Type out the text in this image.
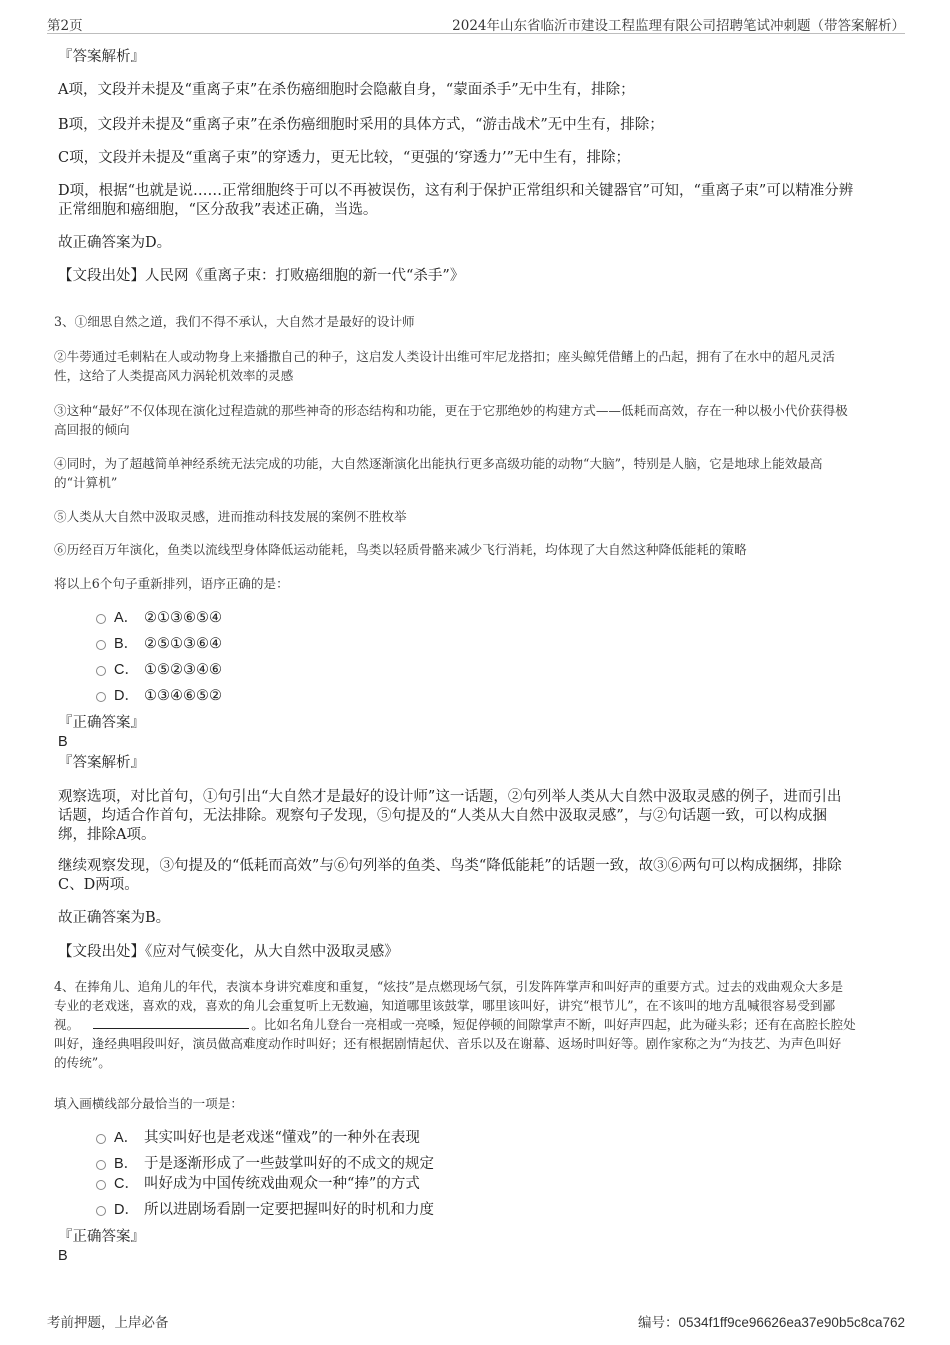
第2页	2024年山东省临沂市建设工程监理有限公司招聘笔试冲刺题（带答案解析）
『答案解析』
A项，文段并未提及“重离子束”在杀伤癌细胞时会隐蔽自身，“蒙面杀手”无中生有，排除；
B项，文段并未提及“重离子束”在杀伤癌细胞时采用的具体方式，“游击战术”无中生有，排除；
C项，文段并未提及“重离子束”的穿透力，更无比较，“更强的‘穿透力’”无中生有，排除；
D项，根据“也就是说……正常细胞终于可以不再被误伤，这有利于保护正常组织和关键器官”可知，“重离子束”可以精准分辨
正常细胞和癌细胞，“区分敌我”表述正确，当选。
故正确答案为D。
【文段出处】人民网《重离子束：打败癌细胞的新一代“杀手”》
3、①细思自然之道，我们不得不承认，大自然才是最好的设计师
②牛蒡通过毛刺粘在人或动物身上来播撒自己的种子，这启发人类设计出维可牢尼龙搭扣；座头鲸凭借鳍上的凸起，拥有了在水中的超凡灵活
性，这给了人类提高风力涡轮机效率的灵感
③这种“最好”不仅体现在演化过程造就的那些神奇的形态结构和功能，更在于它那绝妙的构建方式——低耗而高效，存在一种以极小代价获得极
高回报的倾向
④同时，为了超越简单神经系统无法完成的功能，大自然逐渐演化出能执行更多高级功能的动物“大脑”，特别是人脑，它是地球上能效最高
的“计算机”
⑤人类从大自然中汲取灵感，进而推动科技发展的案例不胜枚举
⑥历经百万年演化，鱼类以流线型身体降低运动能耗，鸟类以轻质骨骼来减少飞行消耗，均体现了大自然这种降低能耗的策略
将以上6个句子重新排列，语序正确的是：
A． ②①③⑥⑤④
B． ②⑤①③⑥④
C． ①⑤②③④⑥
D． ①③④⑥⑤②
『正确答案』
B
『答案解析』
观察选项，对比首句，①句引出“大自然才是最好的设计师”这一话题，②句列举人类从大自然中汲取灵感的例子，进而引出
话题，均适合作首句，无法排除。观察句子发现，⑤句提及的“人类从大自然中汲取灵感”，与②句话题一致，可以构成捆
绑，排除A项。
继续观察发现，③句提及的“低耗而高效”与⑥句列举的鱼类、鸟类“降低能耗”的话题一致，故③⑥两句可以构成捆绑，排除
C、D两项。
故正确答案为B。
【文段出处】《应对气候变化，从大自然中汲取灵感》
4、在捧角儿、追角儿的年代，表演本身讲究难度和重复，“炫技”是点燃现场气氛，引发阵阵掌声和叫好声的重要方式。过去的戏曲观众大多是
专业的老戏迷，喜欢的戏，喜欢的角儿会重复听上无数遍，知道哪里该鼓掌，哪里该叫好，讲究“根节儿”，在不该叫的地方乱喊很容易受到鄙
视。	。比如名角儿登台一亮相或一亮嗓，短促停顿的间隙掌声不断，叫好声四起，此为碰头彩；还有在高腔长腔处
叫好，逢经典唱段叫好，演员做高难度动作时叫好；还有根据剧情起伏、音乐以及在谢幕、返场时叫好等。剧作家称之为“为技艺、为声色叫好
的传统”。
填入画横线部分最恰当的一项是：
A． 其实叫好也是老戏迷“懂戏”的一种外在表现
B． 于是逐渐形成了一些鼓掌叫好的不成文的规定
C． 叫好成为中国传统戏曲观众一种“捧”的方式
D． 所以进剧场看剧一定要把握叫好的时机和力度
『正确答案』
B
考前押题，上岸必备	编号：0534f1ff9ce96626ea37e90b5c8ca762
